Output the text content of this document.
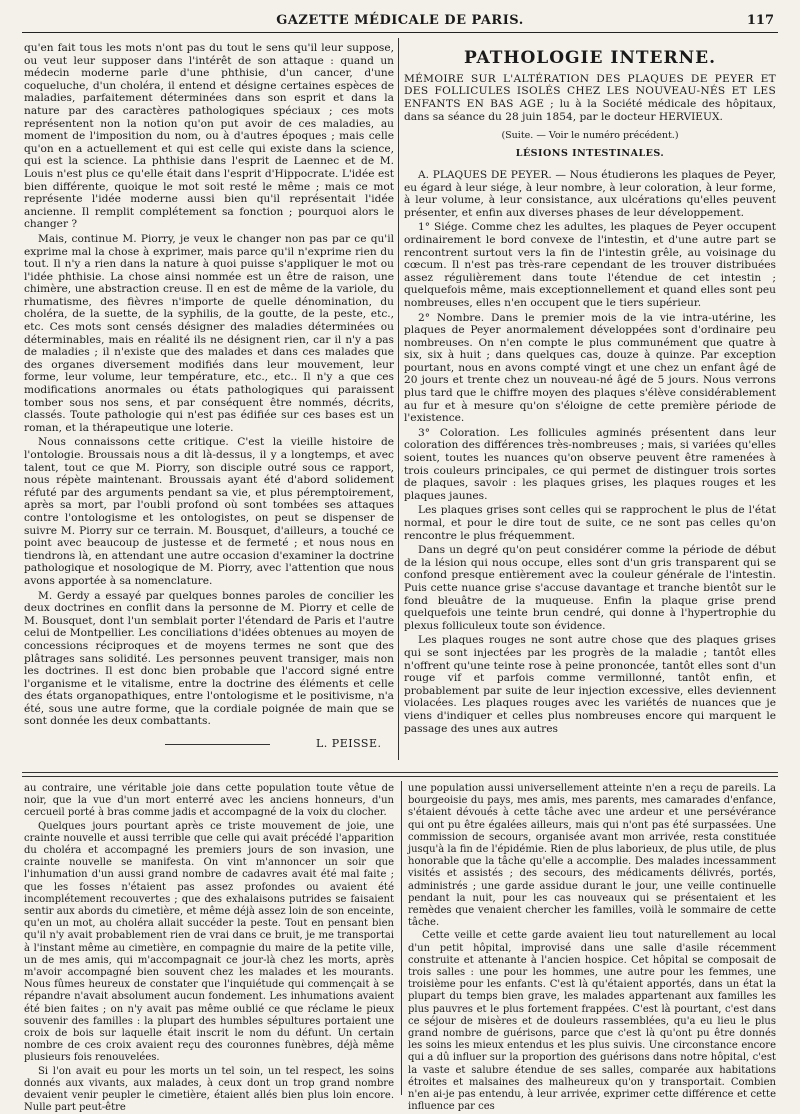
GAZETTE MÉDICALE DE PARIS.	117

qu'en fait tous les mots n'ont pas du tout le sens qu'il leur suppose, ou veut leur supposer dans l'intérêt de son attaque : quand un médecin moderne parle d'une phthisie, d'un cancer, d'une coqueluche, d'un choléra, il entend et désigne certaines espèces de maladies, parfaitement déterminées dans son esprit et dans la nature par des caractères pathologiques spéciaux ; ces mots représentent non la notion qu'on put avoir de ces maladies, au moment de l'imposition du nom, ou à d'autres époques ; mais celle qu'on en a actuellement et qui est celle qui existe dans la science, qui est la science. La phthisie dans l'esprit de Laennec et de M. Louis n'est plus ce qu'elle était dans l'esprit d'Hippocrate. L'idée est bien différente, quoique le mot soit resté le même ; mais ce mot représente l'idée moderne aussi bien qu'il représentait l'idée ancienne. Il remplit complétement sa fonction ; pourquoi alors le changer ?

Mais, continue M. Piorry, je veux le changer non pas par ce qu'il exprime mal la chose à exprimer, mais parce qu'il n'exprime rien du tout. Il n'y a rien dans la nature à quoi puisse s'appliquer le mot ou l'idée phthisie. La chose ainsi nommée est un être de raison, une chimère, une abstraction creuse. Il en est de même de la variole, du rhumatisme, des fièvres n'importe de quelle dénomination, du choléra, de la suette, de la syphilis, de la goutte, de la peste, etc., etc. Ces mots sont censés désigner des maladies déterminées ou déterminables, mais en réalité ils ne désignent rien, car il n'y a pas de maladies ; il n'existe que des malades et dans ces malades que des organes diversement modifiés dans leur mouvement, leur forme, leur volume, leur température, etc., etc.. Il n'y a que ces modifications anormales ou états pathologiques qui paraissent tomber sous nos sens, et par conséquent être nommés, décrits, classés. Toute pathologie qui n'est pas édifiée sur ces bases est un roman, et la thérapeutique une loterie.

Nous connaissons cette critique. C'est la vieille histoire de l'ontologie. Broussais nous a dit là-dessus, il y a longtemps, et avec talent, tout ce que M. Piorry, son disciple outré sous ce rapport, nous répète maintenant. Broussais ayant été d'abord solidement réfuté par des arguments pendant sa vie, et plus péremptoirement, après sa mort, par l'oubli profond où sont tombées ses attaques contre l'ontologisme et les ontologistes, on peut se dispenser de suivre M. Piorry sur ce terrain. M. Bousquet, d'ailleurs, a touché ce point avec beaucoup de justesse et de fermeté ; et nous nous en tiendrons là, en attendant une autre occasion d'examiner la doctrine pathologique et nosologique de M. Piorry, avec l'attention que nous avons apportée à sa nomenclature.

M. Gerdy a essayé par quelques bonnes paroles de concilier les deux doctrines en conflit dans la personne de M. Piorry et celle de M. Bousquet, dont l'un semblait porter l'étendard de Paris et l'autre celui de Montpellier. Les conciliations d'idées obtenues au moyen de concessions réciproques et de moyens termes ne sont que des plâtrages sans solidité. Les personnes peuvent transiger, mais non les doctrines. Il est donc bien probable que l'accord signé entre l'organisme et le vitalisme, entre la doctrine des éléments et celle des états organopathiques, entre l'ontologisme et le positivisme, n'a été, sous une autre forme, que la cordiale poignée de main que se sont donnée les deux combattants.

L. PEISSE.
PATHOLOGIE INTERNE.
MÉMOIRE SUR L'ALTÉRATION DES PLAQUES DE PEYER ET DES FOLLICULES ISOLÉS CHEZ LES NOUVEAU-NÉS ET LES ENFANTS EN BAS AGE ; lu à la Société médicale des hôpitaux, dans sa séance du 28 juin 1854, par le docteur HERVIEUX.
(Suite. — Voir le numéro précédent.)
LÉSIONS INTESTINALES.

A. PLAQUES DE PEYER. — Nous étudierons les plaques de Peyer, eu égard à leur siége, à leur nombre, à leur coloration, à leur forme, à leur volume, à leur consistance, aux ulcérations qu'elles peuvent présenter, et enfin aux diverses phases de leur développement.

1° Siége. Comme chez les adultes, les plaques de Peyer occupent ordinairement le bord convexe de l'intestin, et d'une autre part se rencontrent surtout vers la fin de l'intestin grêle, au voisinage du cœcum. Il n'est pas très-rare cependant de les trouver distribuées assez régulièrement dans toute l'étendue de cet intestin ; quelquefois même, mais exceptionnellement et quand elles sont peu nombreuses, elles n'en occupent que le tiers supérieur.

2° Nombre. Dans le premier mois de la vie intra-utérine, les plaques de Peyer anormalement développées sont d'ordinaire peu nombreuses. On n'en compte le plus communément que quatre à six, six à huit ; dans quelques cas, douze à quinze. Par exception pourtant, nous en avons compté vingt et une chez un enfant âgé de 20 jours et trente chez un nouveau-né âgé de 5 jours. Nous verrons plus tard que le chiffre moyen des plaques s'élève considérablement au fur et à mesure qu'on s'éloigne de cette première période de l'existence.

3° Coloration. Les follicules agminés présentent dans leur coloration des différences très-nombreuses ; mais, si variées qu'elles soient, toutes les nuances qu'on observe peuvent être ramenées à trois couleurs principales, ce qui permet de distinguer trois sortes de plaques, savoir : les plaques grises, les plaques rouges et les plaques jaunes.

Les plaques grises sont celles qui se rapprochent le plus de l'état normal, et pour le dire tout de suite, ce ne sont pas celles qu'on rencontre le plus fréquemment.

Dans un degré qu'on peut considérer comme la période de début de la lésion qui nous occupe, elles sont d'un gris transparent qui se confond presque entièrement avec la couleur générale de l'intestin. Puis cette nuance grise s'accuse davantage et tranche bientôt sur le fond bleuâtre de la muqueuse. Enfin la plaque grise prend quelquefois une teinte brun cendré, qui donne à l'hypertrophie du plexus folliculeux toute son évidence.

Les plaques rouges ne sont autre chose que des plaques grises qui se sont injectées par les progrès de la maladie ; tantôt elles n'offrent qu'une teinte rose à peine prononcée, tantôt elles sont d'un rouge vif et parfois comme vermillonné, tantôt enfin, et probablement par suite de leur injection excessive, elles deviennent violacées. Les plaques rouges avec les variétés de nuances que je viens d'indiquer et celles plus nombreuses encore qui marquent le passage des unes aux autres

au contraire, une véritable joie dans cette population toute vêtue de noir, que la vue d'un mort enterré avec les anciens honneurs, d'un cercueil porté à bras comme jadis et accompagné de la voix du clocher.

Quelques jours pourtant après ce triste mouvement de joie, une crainte nouvelle et aussi terrible que celle qui avait précédé l'apparition du choléra et accompagné les premiers jours de son invasion, une crainte nouvelle se manifesta. On vint m'annoncer un soir que l'inhumation d'un aussi grand nombre de cadavres avait été mal faite ; que les fosses n'étaient pas assez profondes ou avaient été incomplétement recouvertes ; que des exhalaisons putrides se faisaient sentir aux abords du cimetière, et même déjà assez loin de son enceinte, qu'en un mot, au choléra allait succéder la peste. Tout en pensant bien qu'il n'y avait probablement rien de vrai dans ce bruit, je me transportai à l'instant même au cimetière, en compagnie du maire de la petite ville, un de mes amis, qui m'accompagnait ce jour-là chez les morts, après m'avoir accompagné bien souvent chez les malades et les mourants. Nous fûmes heureux de constater que l'inquiétude qui commençait à se répandre n'avait absolument aucun fondement. Les inhumations avaient été bien faites ; on n'y avait pas même oublié ce que réclame le pieux souvenir des familles : la plupart des humbles sépultures portaient une croix de bois sur laquelle était inscrit le nom du défunt. Un certain nombre de ces croix avaient reçu des couronnes funèbres, déjà même plusieurs fois renouvelées.

Si l'on avait eu pour les morts un tel soin, un tel respect, les soins donnés aux vivants, aux malades, à ceux dont un trop grand nombre devaient venir peupler le cimetière, étaient allés bien plus loin encore. Nulle part peut-être

une population aussi universellement atteinte n'en a reçu de pareils. La bourgeoisie du pays, mes amis, mes parents, mes camarades d'enfance, s'étaient dévoués à cette tâche avec une ardeur et une persévérance qui ont pu être égalées ailleurs, mais qui n'ont pas été surpassées. Une commission de secours, organisée avant mon arrivée, resta constituée jusqu'à la fin de l'épidémie. Rien de plus laborieux, de plus utile, de plus honorable que la tâche qu'elle a accomplie. Des malades incessamment visités et assistés ; des secours, des médicaments délivrés, portés, administrés ; une garde assidue durant le jour, une veille continuelle pendant la nuit, pour les cas nouveaux qui se présentaient et les remèdes que venaient chercher les familles, voilà le sommaire de cette tâche.

Cette veille et cette garde avaient lieu tout naturellement au local d'un petit hôpital, improvisé dans une salle d'asile récemment construite et attenante à l'ancien hospice. Cet hôpital se composait de trois salles : une pour les hommes, une autre pour les femmes, une troisième pour les enfants. C'est là qu'étaient apportés, dans un état la plupart du temps bien grave, les malades appartenant aux familles les plus pauvres et le plus fortement frappées. C'est là pourtant, c'est dans ce séjour de misères et de douleurs rassemblées, qu'a eu lieu le plus grand nombre de guérisons, parce que c'est là qu'ont pu être donnés les soins les mieux entendus et les plus suivis. Une circonstance encore qui a dû influer sur la proportion des guérisons dans notre hôpital, c'est la vaste et salubre étendue de ses salles, comparée aux habitations étroites et malsaines des malheureux qu'on y transportait. Combien n'en ai-je pas entendu, à leur arrivée, exprimer cette différence et cette influence par ces
